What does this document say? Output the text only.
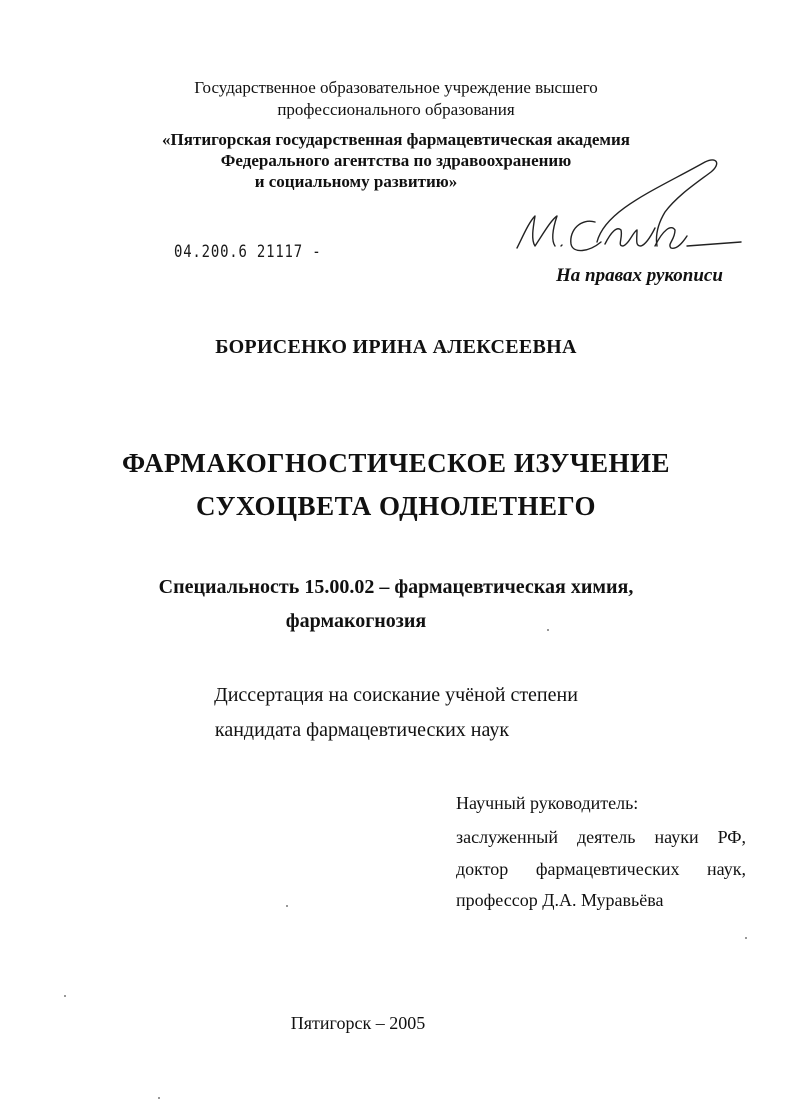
Государственное образовательное учреждение высшего
профессионального образования
«Пятигорская государственная фармацевтическая академия
Федерального агентства по здравоохранению
и социальному развитию»
04.200.6 21117 -
На правах рукописи
БОРИСЕНКО ИРИНА АЛЕКСЕЕВНА
ФАРМАКОГНОСТИЧЕСКОЕ ИЗУЧЕНИЕ
СУХОЦВЕТА ОДНОЛЕТНЕГО
Специальность 15.00.02 – фармацевтическая химия,
фармакогнозия
Диссертация на соискание учёной степени
кандидата фармацевтических наук
Научный руководитель:
заслуженный деятель науки РФ,
доктор фармацевтических наук,
профессор Д.А. Муравьёва
Пятигорск – 2005
